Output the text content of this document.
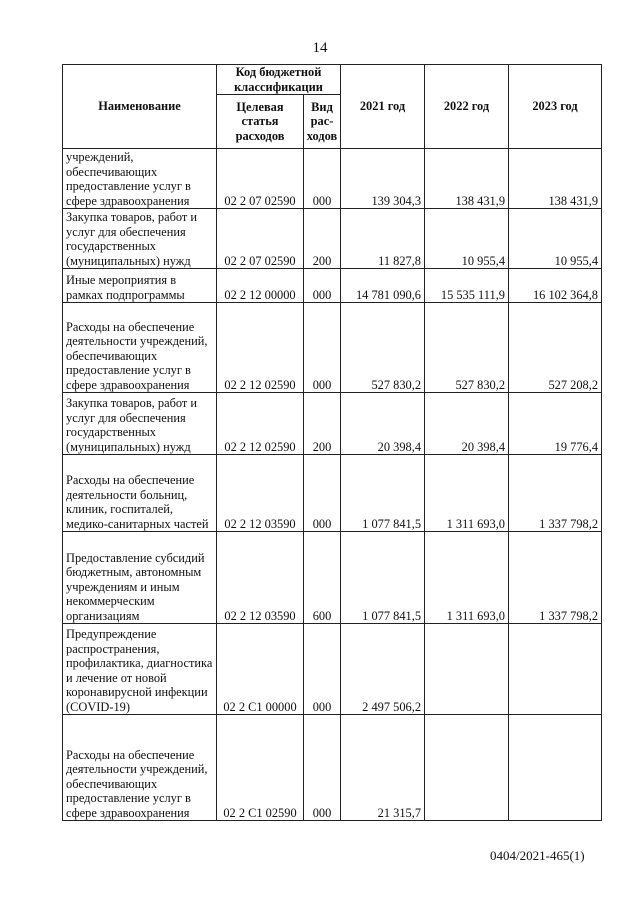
14
Наименование	Код бюджетной классификации		2021 год	2022 год	2023 год
	Целевая статья расходов	Вид рас- ходов			
учреждений, обеспечивающих предоставление услуг в сфере здравоохранения	02 2 07 02590	000	139 304,3	138 431,9	138 431,9
Закупка товаров, работ и услуг для обеспечения государственных (муниципальных) нужд	02 2 07 02590	200	11 827,8	10 955,4	10 955,4
Иные мероприятия в рамках подпрограммы	02 2 12 00000	000	14 781 090,6	15 535 111,9	16 102 364,8
Расходы на обеспечение деятельности учреждений, обеспечивающих предоставление услуг в сфере здравоохранения	02 2 12 02590	000	527 830,2	527 830,2	527 208,2
Закупка товаров, работ и услуг для обеспечения государственных (муниципальных) нужд	02 2 12 02590	200	20 398,4	20 398,4	19 776,4
Расходы на обеспечение деятельности больниц, клиник, госпиталей, медико-санитарных частей	02 2 12 03590	000	1 077 841,5	1 311 693,0	1 337 798,2
Предоставление субсидий бюджетным, автономным учреждениям и иным некоммерческим организациям	02 2 12 03590	600	1 077 841,5	1 311 693,0	1 337 798,2
Предупреждение распространения, профилактика, диагностика и лечение от новой коронавирусной инфекции (COVID-19)	02 2 С1 00000	000	2 497 506,2		
Расходы на обеспечение деятельности учреждений, обеспечивающих предоставление услуг в сфере здравоохранения	02 2 С1 02590	000	21 315,7		
0404/2021-465(1)
